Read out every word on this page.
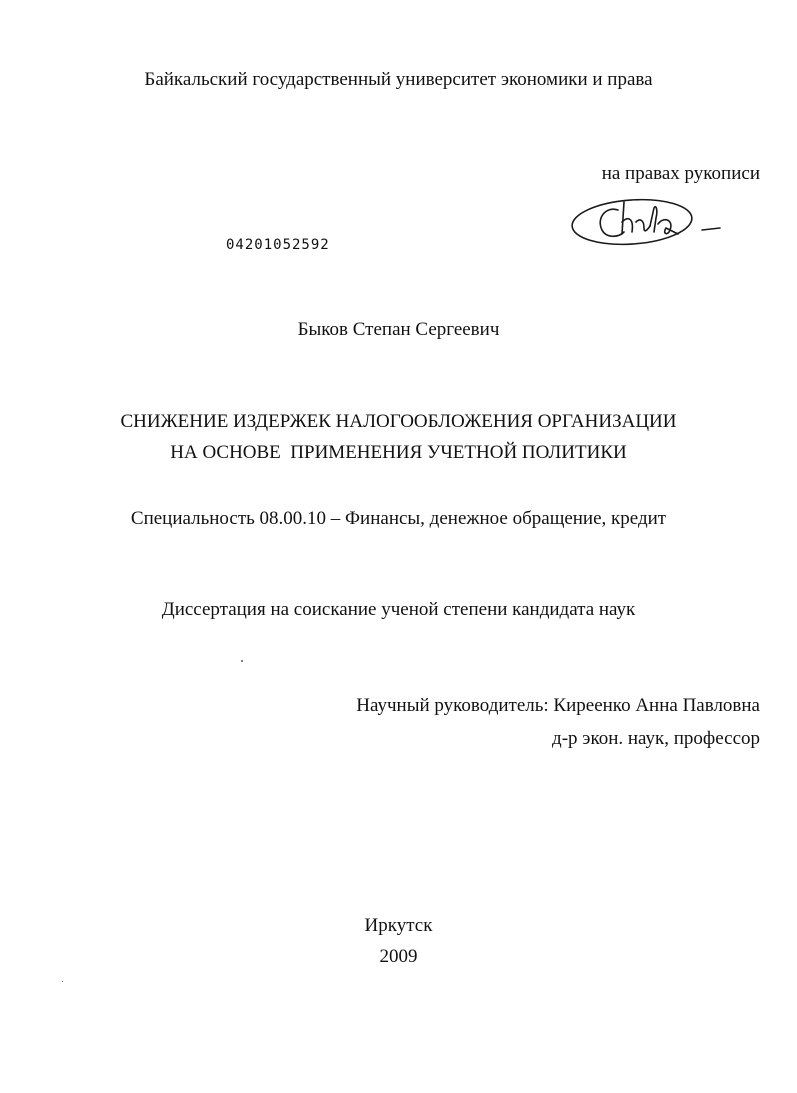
Байкальский государственный университет экономики и права
на правах рукописи
04201052592
Быков Степан Сергеевич
СНИЖЕНИЕ ИЗДЕРЖЕК НАЛОГООБЛОЖЕНИЯ ОРГАНИЗАЦИИ
НА ОСНОВЕ  ПРИМЕНЕНИЯ УЧЕТНОЙ ПОЛИТИКИ
Специальность 08.00.10 – Финансы, денежное обращение, кредит
Диссертация на соискание ученой степени кандидата наук
Научный руководитель: Киреенко Анна Павловна
д-р экон. наук, профессор
Иркутск
2009
